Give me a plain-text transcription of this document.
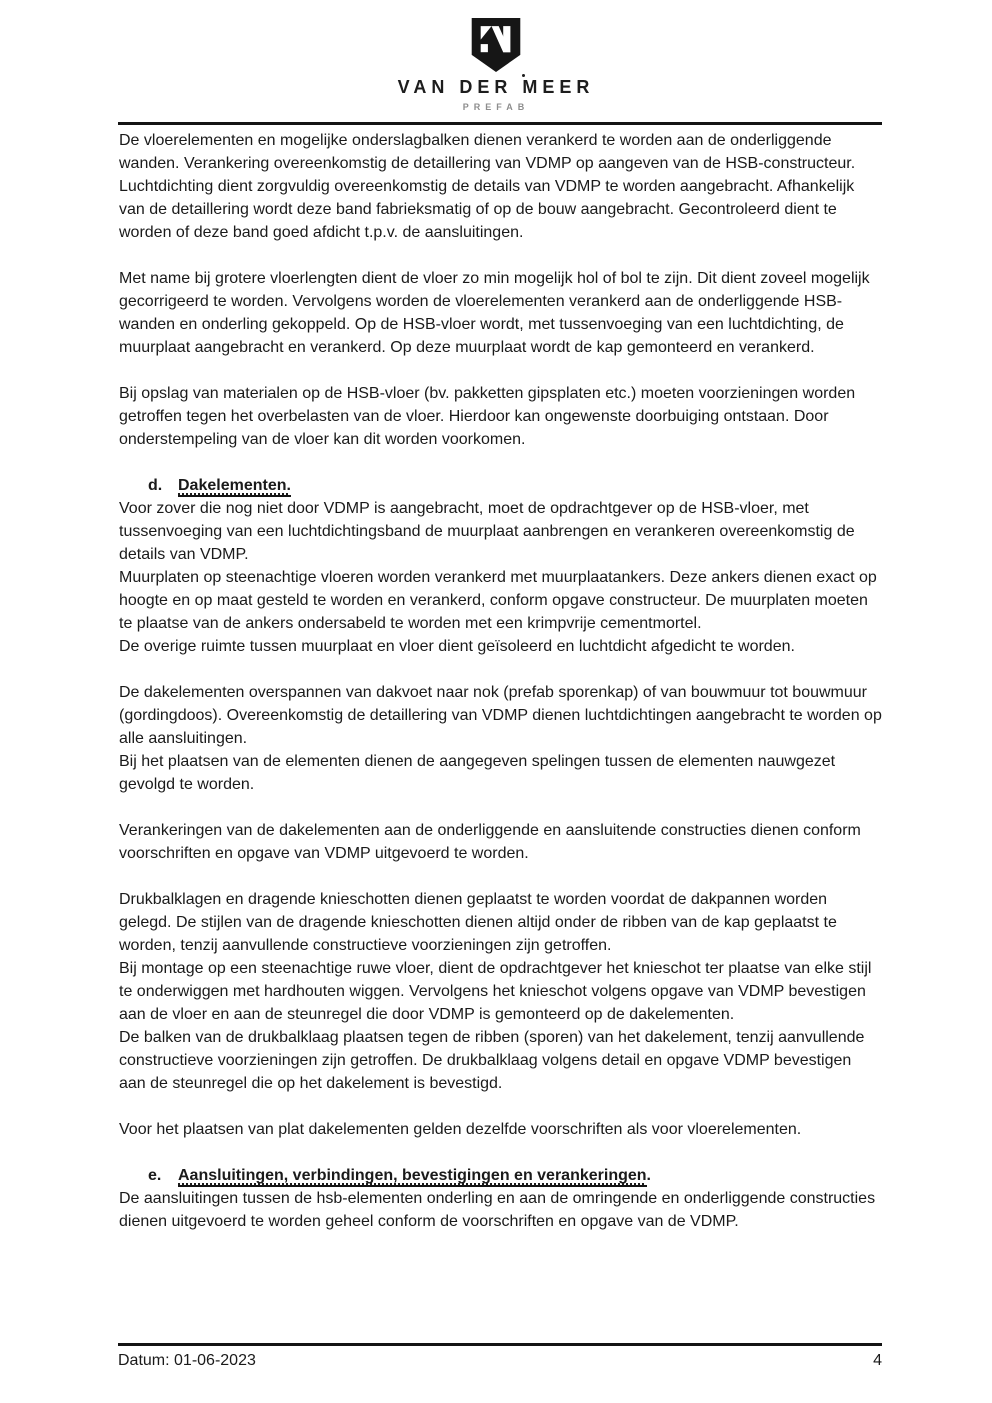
VAN DER MEER
PREFAB

De vloerelementen en mogelijke onderslagbalken dienen verankerd te worden aan de onderliggende wanden. Verankering overeenkomstig de detaillering van VDMP op aangeven van de HSB-constructeur. Luchtdichting dient zorgvuldig overeenkomstig de details van VDMP te worden aangebracht. Afhankelijk van de detaillering wordt deze band fabrieksmatig of op de bouw aangebracht. Gecontroleerd dient te worden of deze band goed afdicht t.p.v. de aansluitingen.

Met name bij grotere vloerlengten dient de vloer zo min mogelijk hol of bol te zijn. Dit dient zoveel mogelijk gecorrigeerd te worden. Vervolgens worden de vloerelementen verankerd aan de onderliggende HSB-wanden en onderling gekoppeld. Op de HSB-vloer wordt, met tussenvoeging van een luchtdichting, de muurplaat aangebracht en verankerd. Op deze muurplaat wordt de kap gemonteerd en verankerd.

Bij opslag van materialen op de HSB-vloer (bv. pakketten gipsplaten etc.) moeten voorzieningen worden getroffen tegen het overbelasten van de vloer. Hierdoor kan ongewenste doorbuiging ontstaan. Door onderstempeling van de vloer kan dit worden voorkomen.

d. Dakelementen.

Voor zover die nog niet door VDMP is aangebracht, moet de opdrachtgever op de HSB-vloer, met tussenvoeging van een luchtdichtingsband de muurplaat aanbrengen en verankeren overeenkomstig de details van VDMP.

Muurplaten op steenachtige vloeren worden verankerd met muurplaatankers. Deze ankers dienen exact op hoogte en op maat gesteld te worden en verankerd, conform opgave constructeur. De muurplaten moeten te plaatse van de ankers ondersabeld te worden met een krimpvrije cementmortel.

De overige ruimte tussen muurplaat en vloer dient geïsoleerd en luchtdicht afgedicht te worden.

De dakelementen overspannen van dakvoet naar nok (prefab sporenkap) of van bouwmuur tot bouwmuur (gordingdoos). Overeenkomstig de detaillering van VDMP dienen luchtdichtingen aangebracht te worden op alle aansluitingen.

Bij het plaatsen van de elementen dienen de aangegeven spelingen tussen de elementen nauwgezet gevolgd te worden.

Verankeringen van de dakelementen aan de onderliggende en aansluitende constructies dienen conform voorschriften en opgave van VDMP uitgevoerd te worden.

Drukbalklagen en dragende knieschotten dienen geplaatst te worden voordat de dakpannen worden gelegd. De stijlen van de dragende knieschotten dienen altijd onder de ribben van de kap geplaatst te worden, tenzij aanvullende constructieve voorzieningen zijn getroffen.

Bij montage op een steenachtige ruwe vloer, dient de opdrachtgever het knieschot ter plaatse van elke stijl te onderwiggen met hardhouten wiggen. Vervolgens het knieschot volgens opgave van VDMP bevestigen aan de vloer en aan de steunregel die door VDMP is gemonteerd op de dakelementen.

De balken van de drukbalklaag plaatsen tegen de ribben (sporen) van het dakelement, tenzij aanvullende constructieve voorzieningen zijn getroffen. De drukbalklaag volgens detail en opgave VDMP bevestigen aan de steunregel die op het dakelement is bevestigd.

Voor het plaatsen van plat dakelementen gelden dezelfde voorschriften als voor vloerelementen.

e. Aansluitingen, verbindingen, bevestigingen en verankeringen.

De aansluitingen tussen de hsb-elementen onderling en aan de omringende en onderliggende constructies dienen uitgevoerd te worden geheel conform de voorschriften en opgave van de VDMP.

Datum: 01-06-2023	4
